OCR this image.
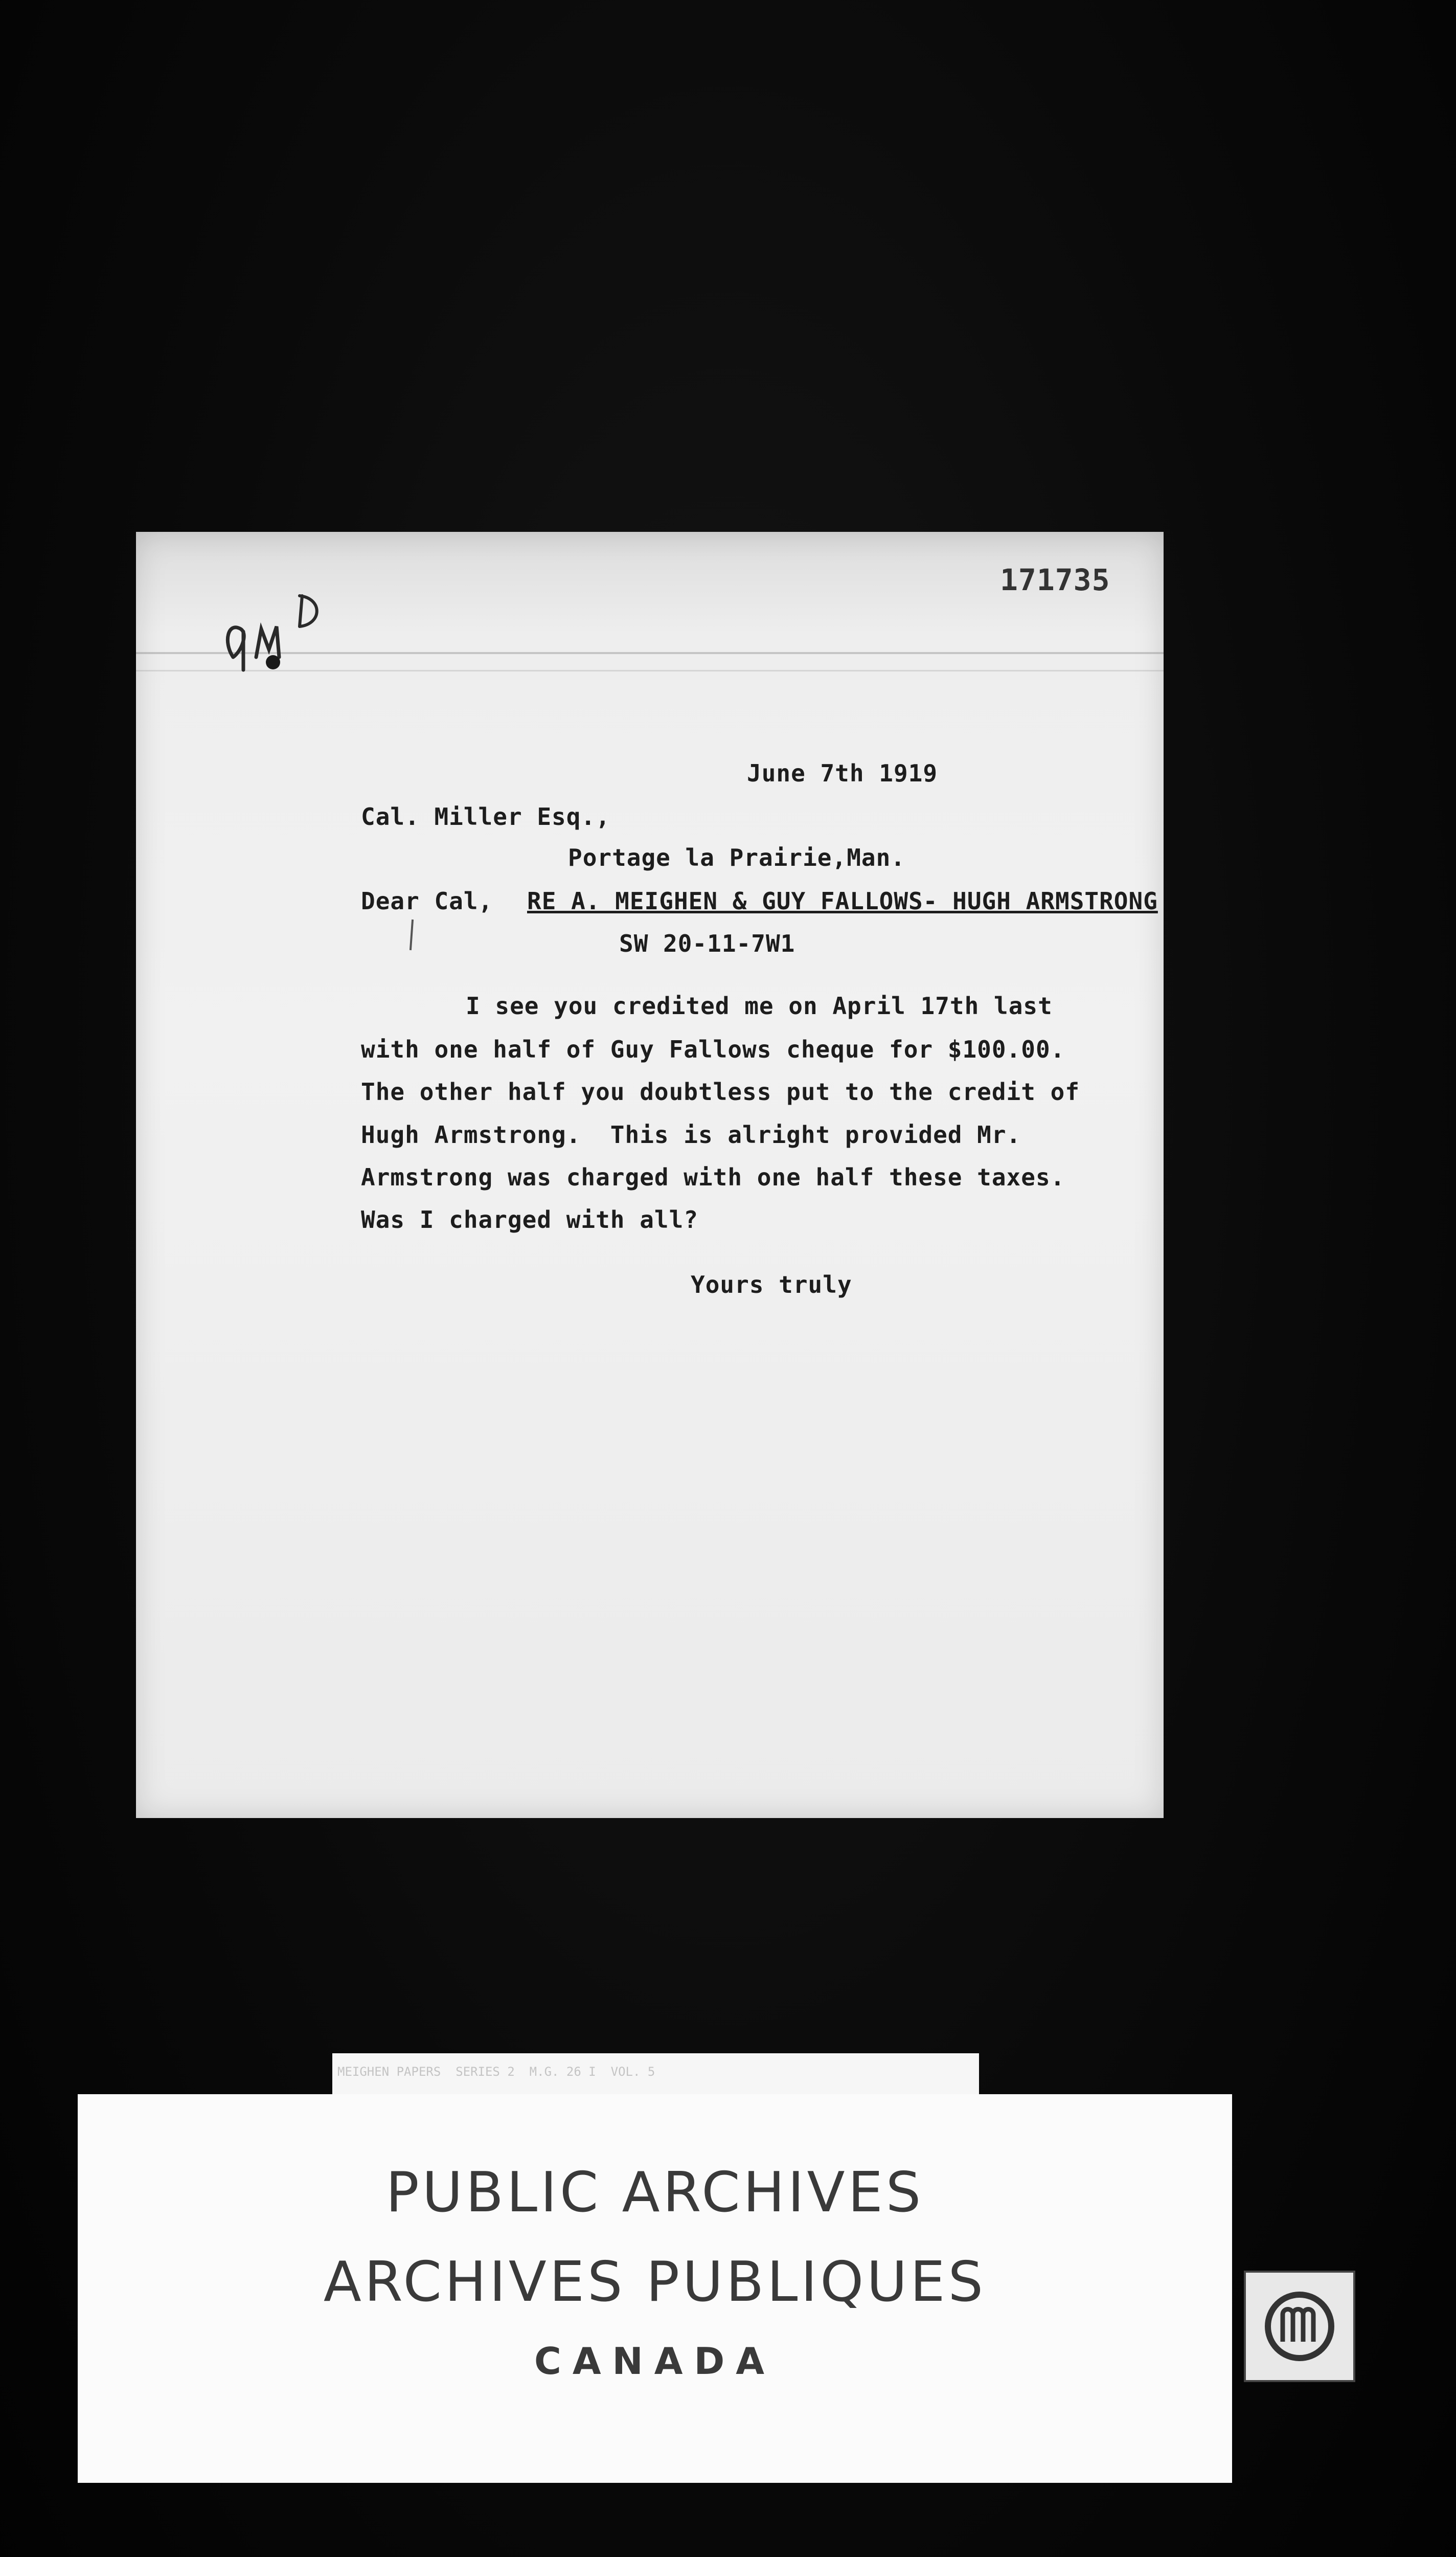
171735
June 7th 1919
Cal. Miller Esq.,
Portage la Prairie,Man.
Dear Cal, RE A. MEIGHEN & GUY FALLOWS- HUGH ARMSTRONG
SW 20-11-7W1
I see you credited me on April 17th last
with one half of Guy Fallows cheque for $100.00.
The other half you doubtless put to the credit of
Hugh Armstrong.  This is alright provided Mr.
Armstrong was charged with one half these taxes.
Was I charged with all?
Yours truly
MEIGHEN PAPERS  SERIES 2  M.G. 26 I  VOL. 5
PUBLIC ARCHIVES
ARCHIVES PUBLIQUES
CANADA
